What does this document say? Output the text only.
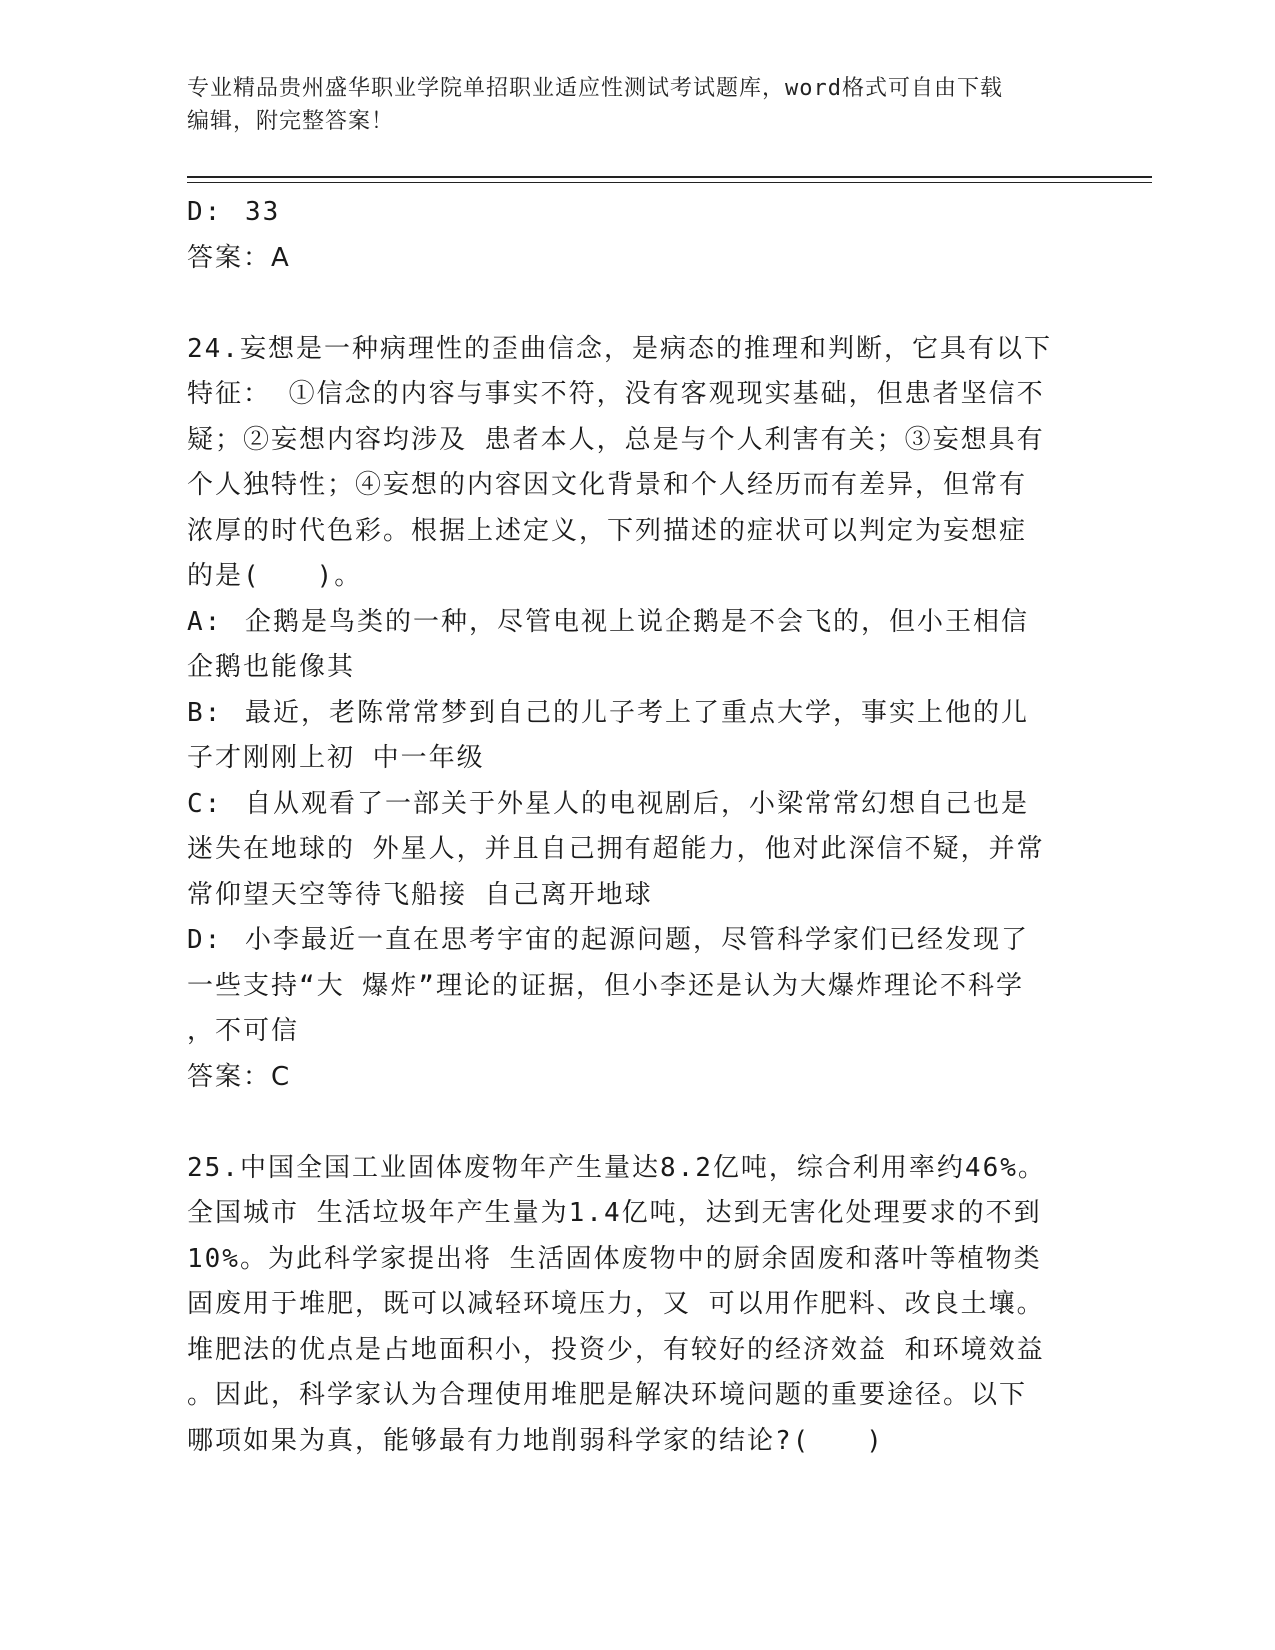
专业精品贵州盛华职业学院单招职业适应性测试考试题库，word格式可自由下载
编辑，附完整答案！
D: 33
答案：A
24.妄想是一种病理性的歪曲信念，是病态的推理和判断，它具有以下
特征： ①信念的内容与事实不符，没有客观现实基础，但患者坚信不
疑；②妄想内容均涉及 患者本人，总是与个人利害有关；③妄想具有
个人独特性；④妄想的内容因文化背景和个人经历而有差异，但常有
浓厚的时代色彩。根据上述定义，下列描述的症状可以判定为妄想症
的是(　　)。
A: 企鹅是鸟类的一种，尽管电视上说企鹅是不会飞的，但小王相信
企鹅也能像其
B: 最近，老陈常常梦到自己的儿子考上了重点大学，事实上他的儿
子才刚刚上初 中一年级
C: 自从观看了一部关于外星人的电视剧后，小梁常常幻想自己也是
迷失在地球的 外星人，并且自己拥有超能力，他对此深信不疑，并常
常仰望天空等待飞船接 自己离开地球
D: 小李最近一直在思考宇宙的起源问题，尽管科学家们已经发现了
一些支持“大 爆炸”理论的证据，但小李还是认为大爆炸理论不科学
，不可信
答案：C
25.中国全国工业固体废物年产生量达8.2亿吨，综合利用率约46%。
全国城市 生活垃圾年产生量为1.4亿吨，达到无害化处理要求的不到
10%。为此科学家提出将 生活固体废物中的厨余固废和落叶等植物类
固废用于堆肥，既可以减轻环境压力，又 可以用作肥料、改良土壤。
堆肥法的优点是占地面积小，投资少，有较好的经济效益 和环境效益
。因此，科学家认为合理使用堆肥是解决环境问题的重要途径。以下
哪项如果为真，能够最有力地削弱科学家的结论?(　　)
